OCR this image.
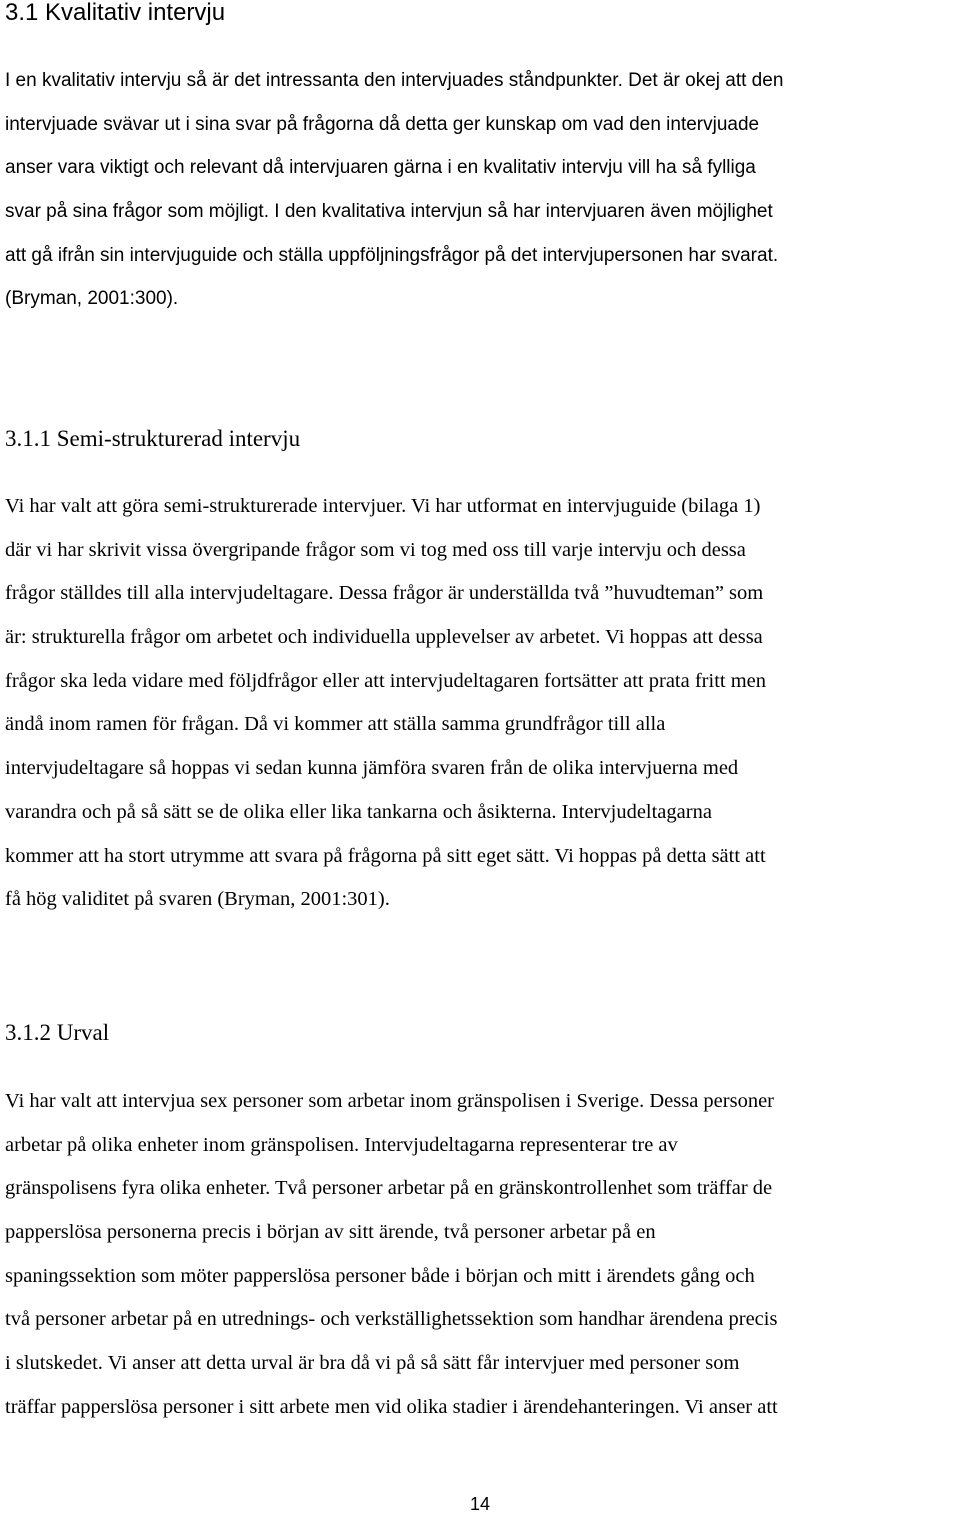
3.1 Kvalitativ intervju
I en kvalitativ intervju så är det intressanta den intervjuades ståndpunkter. Det är okej att den
intervjuade svävar ut i sina svar på frågorna då detta ger kunskap om vad den intervjuade
anser vara viktigt och relevant då intervjuaren gärna i en kvalitativ intervju vill ha så fylliga
svar på sina frågor som möjligt. I den kvalitativa intervjun så har intervjuaren även möjlighet
att gå ifrån sin intervjuguide och ställa uppföljningsfrågor på det intervjupersonen har svarat.
(Bryman, 2001:300).
3.1.1 Semi-strukturerad intervju
Vi har valt att göra semi-strukturerade intervjuer. Vi har utformat en intervjuguide (bilaga 1)
där vi har skrivit vissa övergripande frågor som vi tog med oss till varje intervju och dessa
frågor ställdes till alla intervjudeltagare. Dessa frågor är underställda två ”huvudteman” som
är: strukturella frågor om arbetet och individuella upplevelser av arbetet. Vi hoppas att dessa
frågor ska leda vidare med följdfrågor eller att intervjudeltagaren fortsätter att prata fritt men
ändå inom ramen för frågan. Då vi kommer att ställa samma grundfrågor till alla
intervjudeltagare så hoppas vi sedan kunna jämföra svaren från de olika intervjuerna med
varandra och på så sätt se de olika eller lika tankarna och åsikterna. Intervjudeltagarna
kommer att ha stort utrymme att svara på frågorna på sitt eget sätt. Vi hoppas på detta sätt att
få hög validitet på svaren (Bryman, 2001:301).
3.1.2 Urval
Vi har valt att intervjua sex personer som arbetar inom gränspolisen i Sverige. Dessa personer
arbetar på olika enheter inom gränspolisen. Intervjudeltagarna representerar tre av
gränspolisens fyra olika enheter. Två personer arbetar på en gränskontrollenhet som träffar de
papperslösa personerna precis i början av sitt ärende, två personer arbetar på en
spaningssektion som möter papperslösa personer både i början och mitt i ärendets gång och
två personer arbetar på en utrednings- och verkställighetssektion som handhar ärendena precis
i slutskedet. Vi anser att detta urval är bra då vi på så sätt får intervjuer med personer som
träffar papperslösa personer i sitt arbete men vid olika stadier i ärendehanteringen. Vi anser att
14
